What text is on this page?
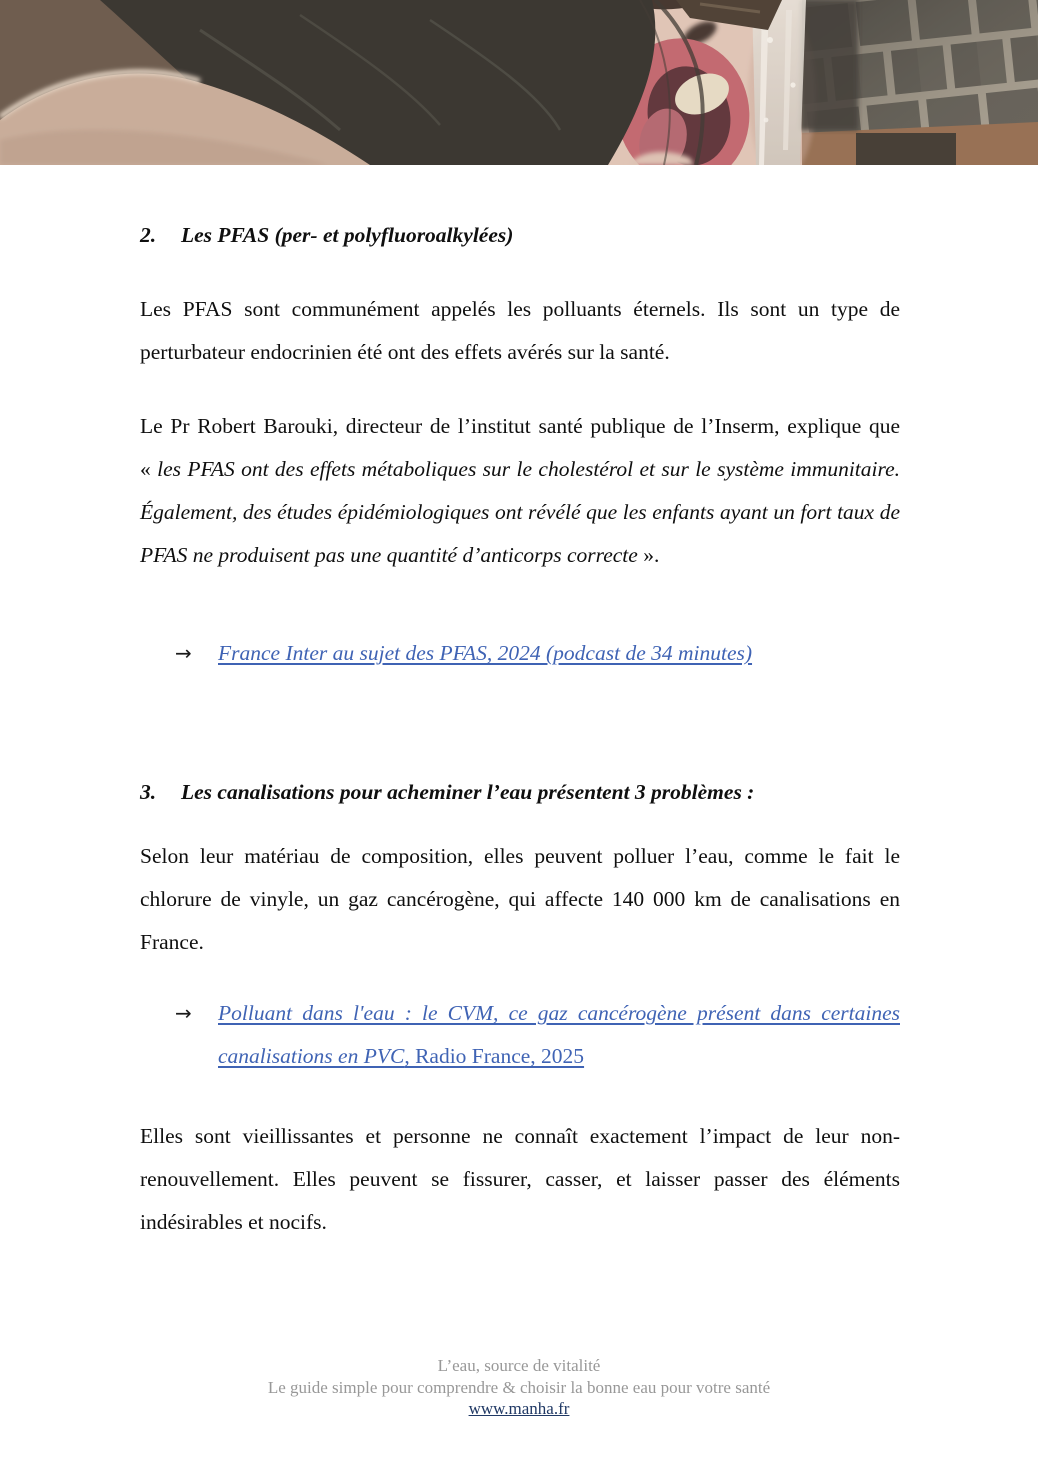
2. Les PFAS (per- et polyfluoroalkylées)

Les PFAS sont communément appelés les polluants éternels. Ils sont un type de perturbateur endocrinien été ont des effets avérés sur la santé.

Le Pr Robert Barouki, directeur de l’institut santé publique de l’Inserm, explique que « les PFAS ont des effets métaboliques sur le cholestérol et sur le système immunitaire. Également, des études épidémiologiques ont révélé que les enfants ayant un fort taux de PFAS ne produisent pas une quantité d’anticorps correcte ».

→ France Inter au sujet des PFAS, 2024 (podcast de 34 minutes)
3. Les canalisations pour acheminer l’eau présentent 3 problèmes :

Selon leur matériau de composition, elles peuvent polluer l’eau, comme le fait le chlorure de vinyle, un gaz cancérogène, qui affecte 140 000 km de canalisations en France.

→ Polluant dans l'eau : le CVM, ce gaz cancérogène présent dans certaines canalisations en PVC, Radio France, 2025

Elles sont vieillissantes et personne ne connaît exactement l’impact de leur non-renouvellement. Elles peuvent se fissurer, casser, et laisser passer des éléments indésirables et nocifs.

L’eau, source de vitalité
Le guide simple pour comprendre & choisir la bonne eau pour votre santé
www.manha.fr
